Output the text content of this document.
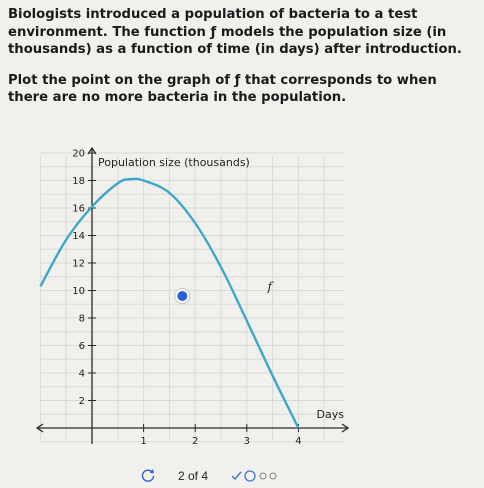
Biologists introduced a population of bacteria to a test environment. The function ƒ models the population size (in thousands) as a function of time (in days) after introduction.

Plot the point on the graph of ƒ that corresponds to when there are no more bacteria in the population.

2
4
6
8
10
12
14
16
18
20
1	2	3	4
Population size (thousands)
Days
f
2 of 4
